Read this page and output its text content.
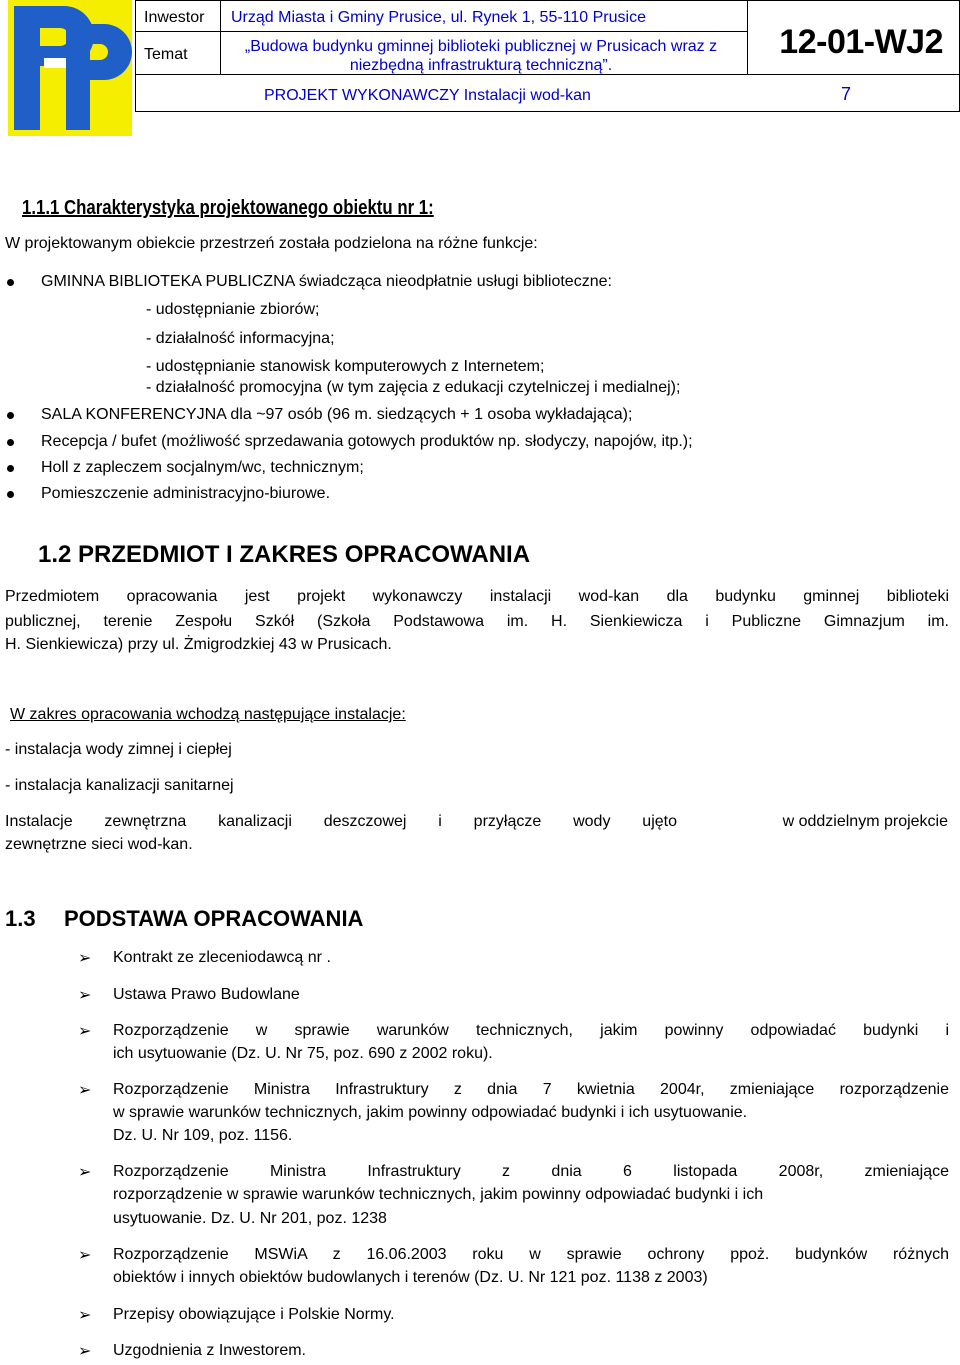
Inwestor Urząd Miasta i Gminy Prusice, ul. Rynek 1, 55-110 Prusice
Temat	„Budowa budynku gminnej biblioteki publicznej w Prusicach wraz z niezbędną infrastrukturą techniczną”.
12-01-WJ2
PROJEKT WYKONAWCZY Instalacji wod-kan	7
1.1.1 Charakterystyka projektowanego obiektu nr 1:
W projektowanym obiekcie przestrzeń została podzielona na różne funkcje:
GMINNA BIBLIOTEKA PUBLICZNA świadcząca nieodpłatnie usługi biblioteczne:
- udostępnianie zbiorów;
- działalność informacyjna;
- udostępnianie stanowisk komputerowych z Internetem;
- działalność promocyjna (w tym zajęcia z edukacji czytelniczej i medialnej);
SALA KONFERENCYJNA dla ~97 osób (96 m. siedzących + 1 osoba wykładająca);
Recepcja / bufet (możliwość sprzedawania gotowych produktów np. słodyczy, napojów, itp.);
Holl z zapleczem socjalnym/wc, technicznym;
Pomieszczenie administracyjno-biurowe.
1.2 PRZEDMIOT I ZAKRES OPRACOWANIA
Przedmiotem opracowania jest projekt wykonawczy instalacji wod-kan dla budynku gminnej biblioteki
publicznej, terenie Zespołu Szkół (Szkoła Podstawowa im. H. Sienkiewicza i Publiczne Gimnazjum im.
H. Sienkiewicza) przy ul. Żmigrodzkiej 43 w Prusicach.
W zakres opracowania wchodzą następujące instalacje:
- instalacja wody zimnej i ciepłej
- instalacja kanalizacji sanitarnej
Instalacje zewnętrzna kanalizacji deszczowej i przyłącze wody ujęto	w oddzielnym projekcie
zewnętrzne sieci wod-kan.
1.3 PODSTAWA OPRACOWANIA
➢ Kontrakt ze zleceniodawcą nr .
➢ Ustawa Prawo Budowlane
➢ Rozporządzenie w sprawie warunków technicznych, jakim powinny odpowiadać budynki i
ich usytuowanie (Dz. U. Nr 75, poz. 690 z 2002 roku).
➢ Rozporządzenie Ministra Infrastruktury z dnia 7 kwietnia 2004r, zmieniające rozporządzenie
w sprawie warunków technicznych, jakim powinny odpowiadać budynki i ich usytuowanie.
Dz. U. Nr 109, poz. 1156.
➢ Rozporządzenie Ministra Infrastruktury z dnia 6 listopada 2008r, zmieniające
rozporządzenie w sprawie warunków technicznych, jakim powinny odpowiadać budynki i ich
usytuowanie. Dz. U. Nr 201, poz. 1238
➢ Rozporządzenie MSWiA z 16.06.2003 roku w sprawie ochrony ppoż. budynków różnych
obiektów i innych obiektów budowlanych i terenów (Dz. U. Nr 121 poz. 1138 z 2003)
➢ Przepisy obowiązujące i Polskie Normy.
➢ Uzgodnienia z Inwestorem.
